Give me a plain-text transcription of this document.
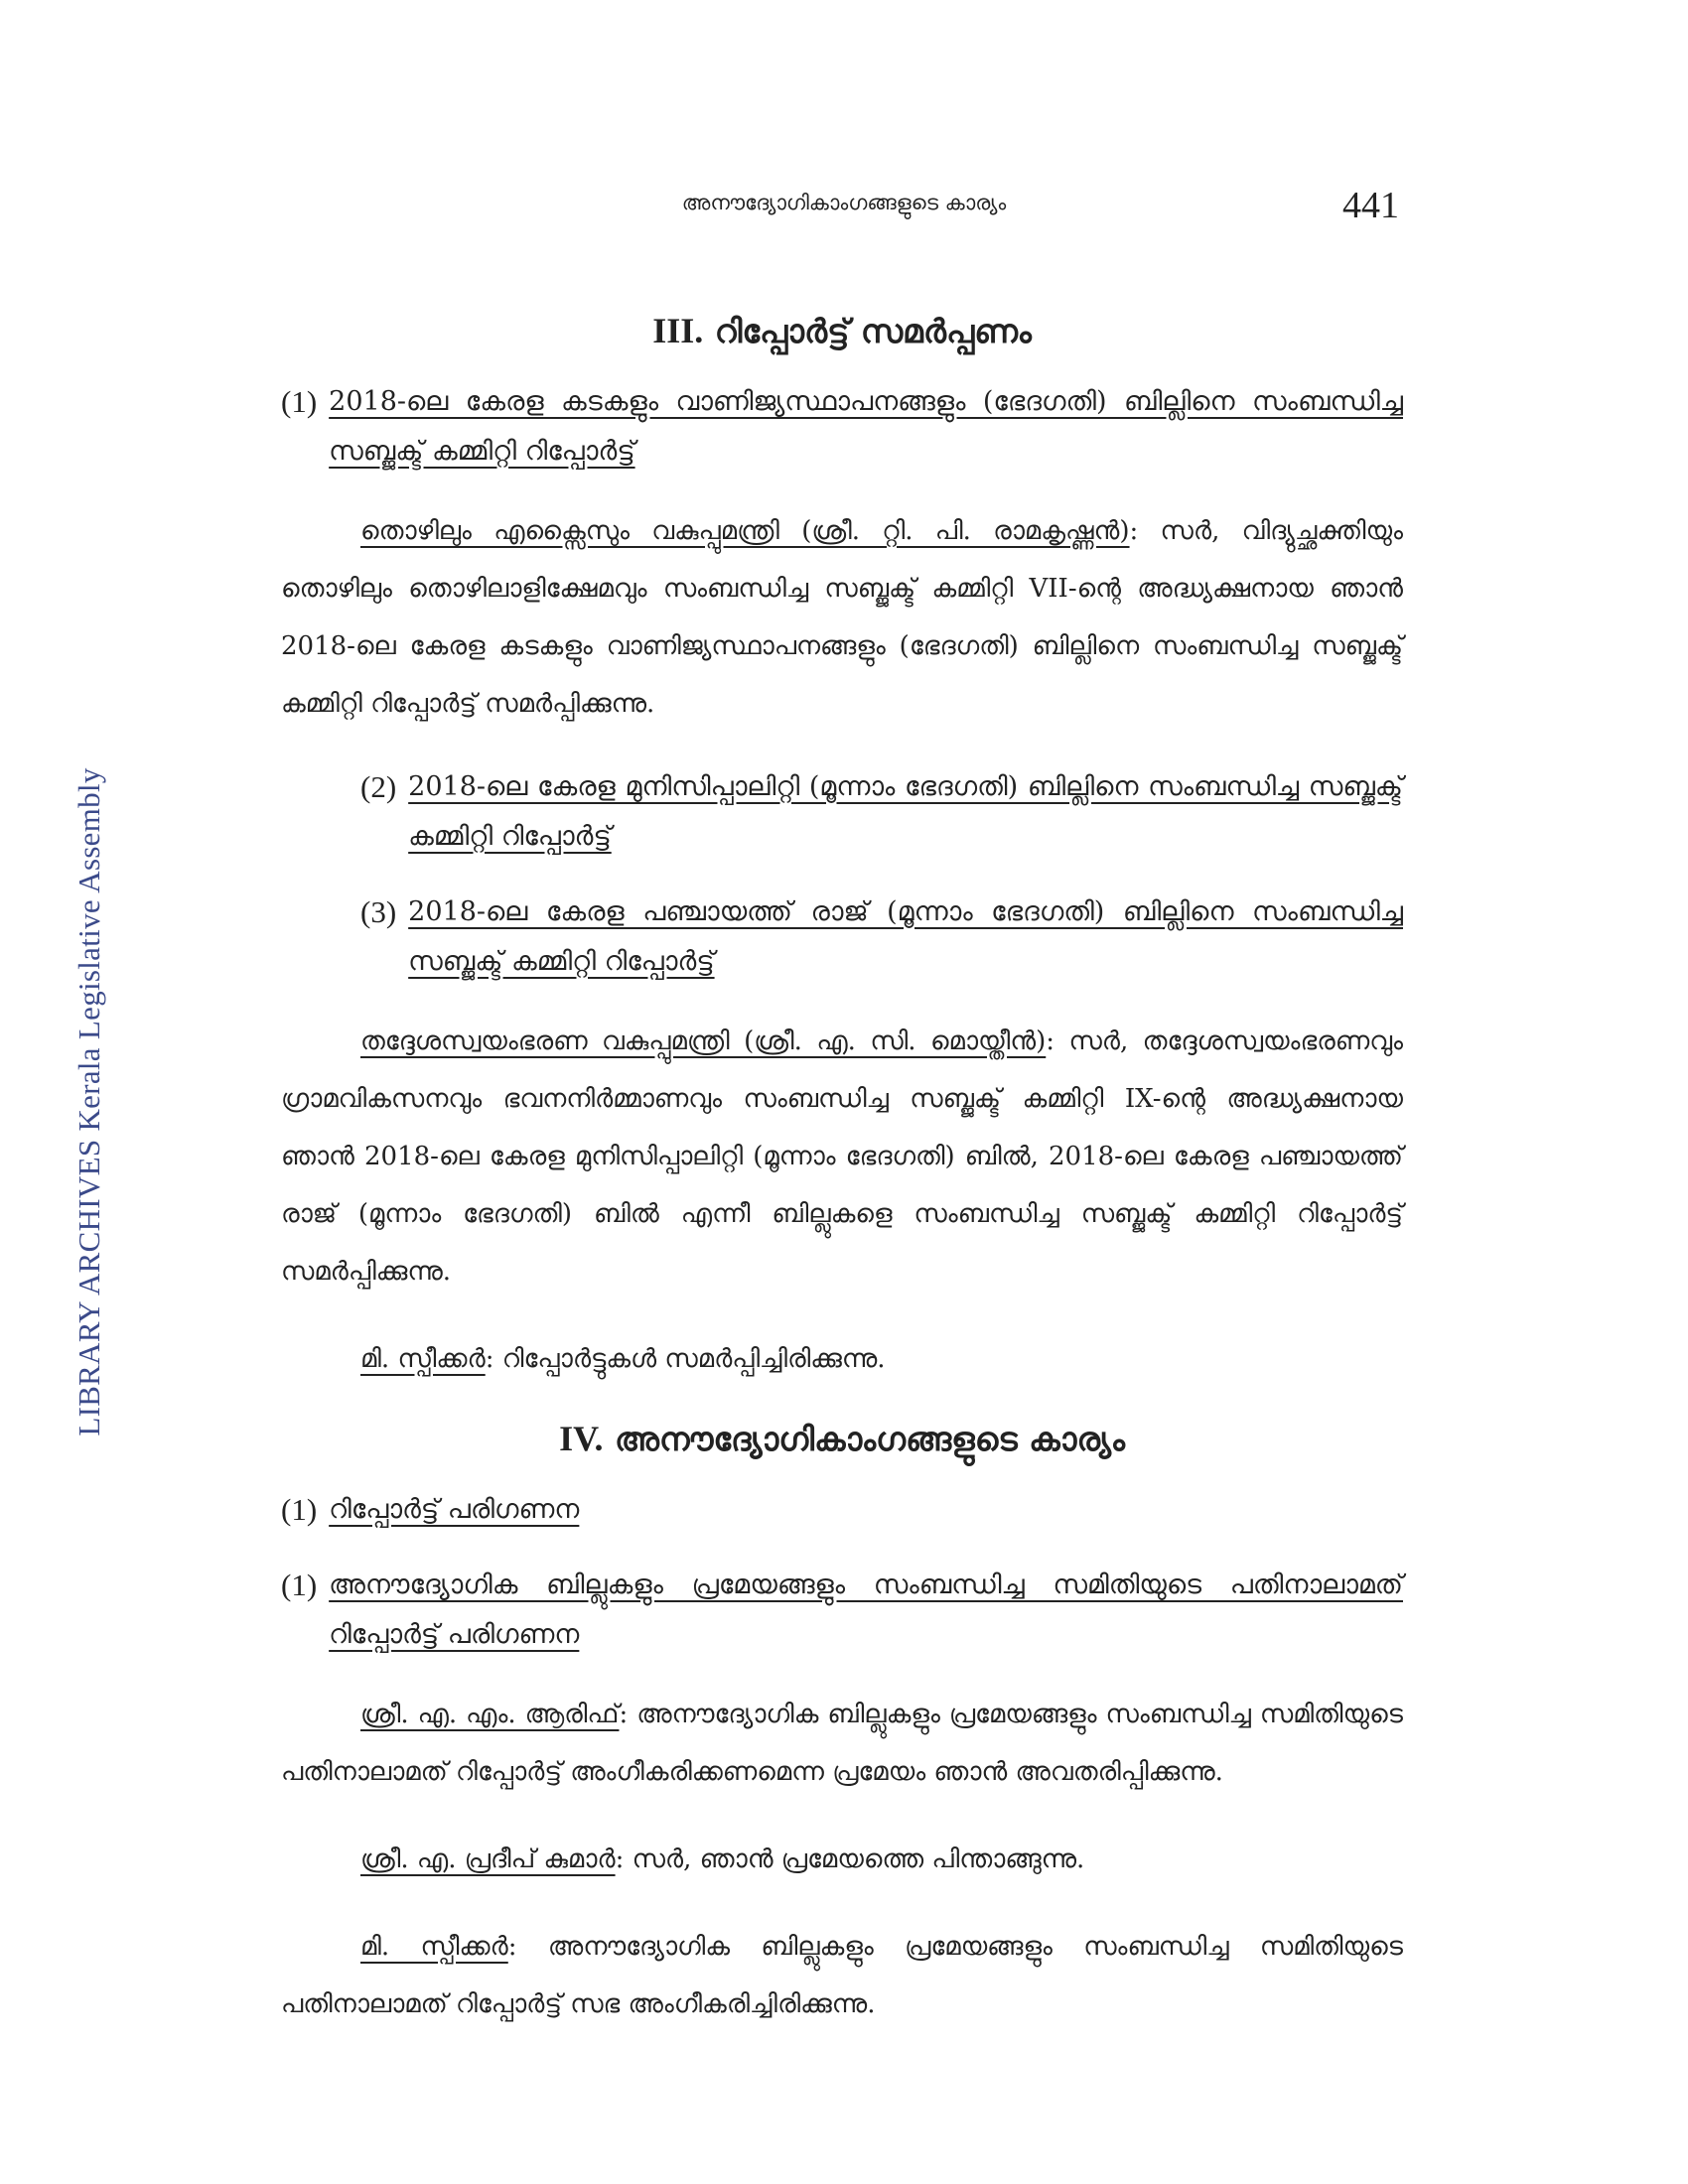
LIBRARY ARCHIVES Kerala Legislative Assembly
അനൗദ്യോഗികാംഗങ്ങളുടെ കാര്യം	441
III. റിപ്പോർട്ട് സമർപ്പണം
(1) 2018-ലെ കേരള കടകളും വാണിജ്യസ്ഥാപനങ്ങളും (ഭേദഗതി) ബില്ലിനെ സംബന്ധിച്ച സബ്ജക്ട് കമ്മിറ്റി റിപ്പോർട്ട്

തൊഴിലും എക്സൈസും വകുപ്പുമന്ത്രി (ശ്രീ. റ്റി. പി. രാമകൃഷ്ണൻ): സർ, വിദ്യുച്ഛക്തിയും തൊഴിലും തൊഴിലാളിക്ഷേമവും സംബന്ധിച്ച സബ്ജക്ട് കമ്മിറ്റി VII-ന്റെ അദ്ധ്യക്ഷനായ ഞാൻ 2018-ലെ കേരള കടകളും വാണിജ്യസ്ഥാപനങ്ങളും (ഭേദഗതി) ബില്ലിനെ സംബന്ധിച്ച സബ്ജക്ട് കമ്മിറ്റി റിപ്പോർട്ട് സമർപ്പിക്കുന്നു.

(2) 2018-ലെ കേരള മുനിസിപ്പാലിറ്റി (മൂന്നാം ഭേദഗതി) ബില്ലിനെ സംബന്ധിച്ച സബ്ജക്ട് കമ്മിറ്റി റിപ്പോർട്ട്
(3) 2018-ലെ കേരള പഞ്ചായത്ത് രാജ് (മൂന്നാം ഭേദഗതി) ബില്ലിനെ സംബന്ധിച്ച സബ്ജക്ട് കമ്മിറ്റി റിപ്പോർട്ട്

തദ്ദേശസ്വയംഭരണ വകുപ്പുമന്ത്രി (ശ്രീ. എ. സി. മൊയ്തീൻ): സർ, തദ്ദേശസ്വയംഭരണവും ഗ്രാമവികസനവും ഭവനനിർമ്മാണവും സംബന്ധിച്ച സബ്ജക്ട് കമ്മിറ്റി IX-ന്റെ അദ്ധ്യക്ഷനായ ഞാൻ 2018-ലെ കേരള മുനിസിപ്പാലിറ്റി (മൂന്നാം ഭേദഗതി) ബിൽ, 2018-ലെ കേരള പഞ്ചായത്ത് രാജ് (മൂന്നാം ഭേദഗതി) ബിൽ എന്നീ ബില്ലുകളെ സംബന്ധിച്ച സബ്ജക്ട് കമ്മിറ്റി റിപ്പോർട്ട് സമർപ്പിക്കുന്നു.

മി. സ്പീക്കർ: റിപ്പോർട്ടുകൾ സമർപ്പിച്ചിരിക്കുന്നു.

IV. അനൗദ്യോഗികാംഗങ്ങളുടെ കാര്യം
(1) റിപ്പോർട്ട് പരിഗണന
(1) അനൗദ്യോഗിക ബില്ലുകളും പ്രമേയങ്ങളും സംബന്ധിച്ച സമിതിയുടെ പതിനാലാമത് റിപ്പോർട്ട് പരിഗണന

ശ്രീ. എ. എം. ആരിഫ്: അനൗദ്യോഗിക ബില്ലുകളും പ്രമേയങ്ങളും സംബന്ധിച്ച സമിതിയുടെ പതിനാലാമത് റിപ്പോർട്ട് അംഗീകരിക്കണമെന്ന പ്രമേയം ഞാൻ അവതരിപ്പിക്കുന്നു.

ശ്രീ. എ. പ്രദീപ് കുമാർ: സർ, ഞാൻ പ്രമേയത്തെ പിന്താങ്ങുന്നു.

മി. സ്പീക്കർ: അനൗദ്യോഗിക ബില്ലുകളും പ്രമേയങ്ങളും സംബന്ധിച്ച സമിതിയുടെ പതിനാലാമത് റിപ്പോർട്ട് സഭ അംഗീകരിച്ചിരിക്കുന്നു.
